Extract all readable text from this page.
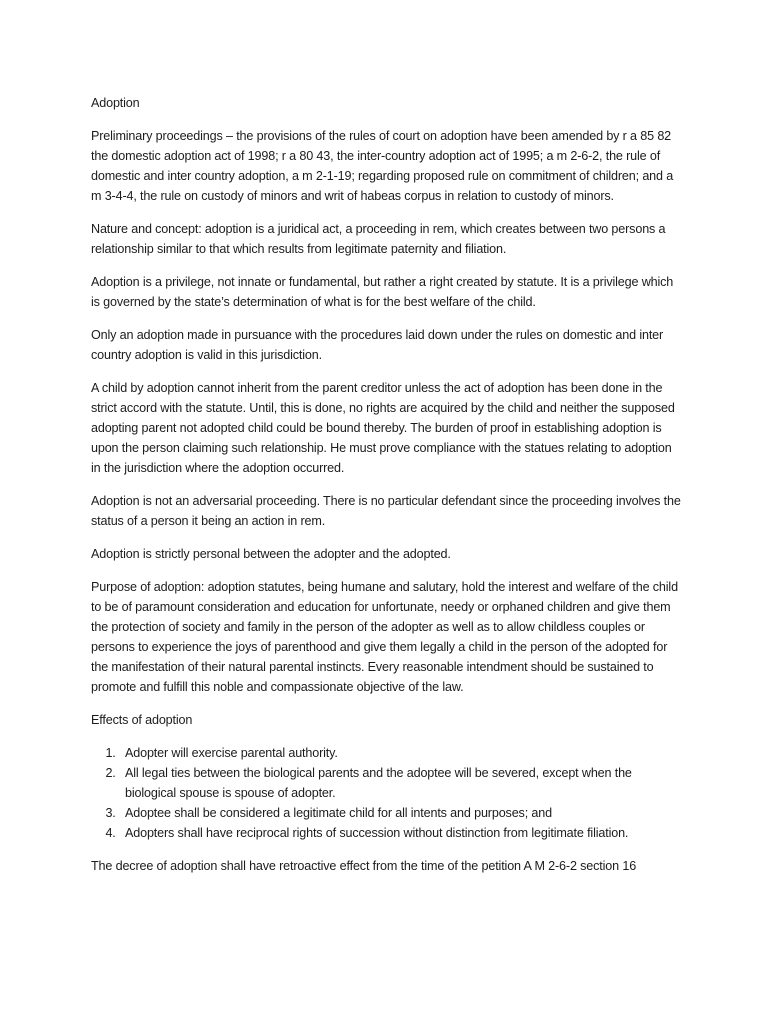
Adoption

Preliminary proceedings – the provisions of the rules of court on adoption have been amended by r a 85 82 the domestic adoption act of 1998; r a 80 43, the inter-country adoption act of 1995; a m 2-6-2, the rule of domestic and inter country adoption, a m 2-1-19; regarding proposed rule on commitment of children; and a m 3-4-4, the rule on custody of minors and writ of habeas corpus in relation to custody of minors.

Nature and concept: adoption is a juridical act, a proceeding in rem, which creates between two persons a relationship similar to that which results from legitimate paternity and filiation.

Adoption is a privilege, not innate or fundamental, but rather a right created by statute. It is a privilege which is governed by the state’s determination of what is for the best welfare of the child.

Only an adoption made in pursuance with the procedures laid down under the rules on domestic and inter country adoption is valid in this jurisdiction.

A child by adoption cannot inherit from the parent creditor unless the act of adoption has been done in the strict accord with the statute. Until, this is done, no rights are acquired by the child and neither the supposed adopting parent not adopted child could be bound thereby. The burden of proof in establishing adoption is upon the person claiming such relationship. He must prove compliance with the statues relating to adoption in the jurisdiction where the adoption occurred.

Adoption is not an adversarial proceeding. There is no particular defendant since the proceeding involves the status of a person it being an action in rem.

Adoption is strictly personal between the adopter and the adopted.

Purpose of adoption: adoption statutes, being humane and salutary, hold the interest and welfare of the child to be of paramount consideration and education for unfortunate, needy or orphaned children and give them the protection of society and family in the person of the adopter as well as to allow childless couples or persons to experience the joys of parenthood and give them legally a child in the person of the adopted for the manifestation of their natural parental instincts. Every reasonable intendment should be sustained to promote and fulfill this noble and compassionate objective of the law.

Effects of adoption

1. Adopter will exercise parental authority.
2. All legal ties between the biological parents and the adoptee will be severed, except when the biological spouse is spouse of adopter.
3. Adoptee shall be considered a legitimate child for all intents and purposes; and
4. Adopters shall have reciprocal rights of succession without distinction from legitimate filiation.

The decree of adoption shall have retroactive effect from the time of the petition A M 2-6-2 section 16
